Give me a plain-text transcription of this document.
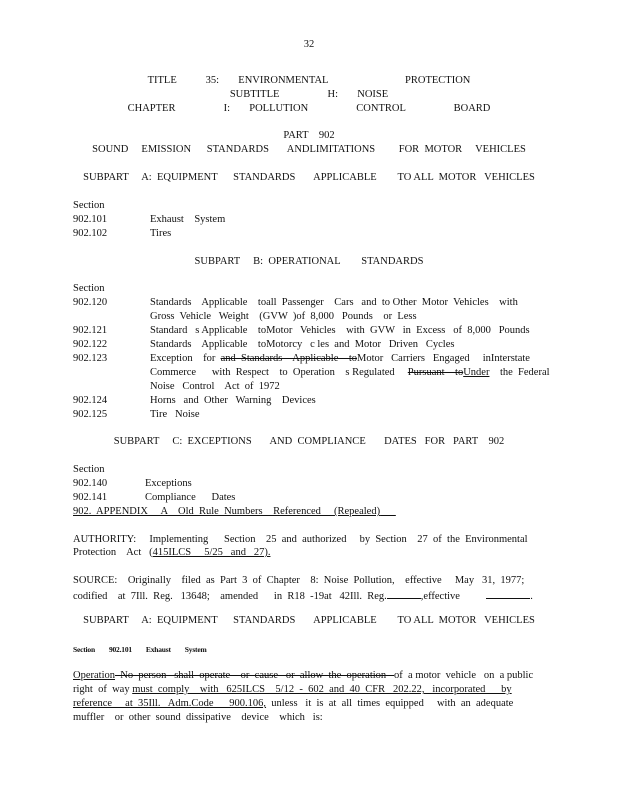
32
TITLE   35:  ENVIRONMENTAL        PROTECTION
SUBTITLE     H:  NOISE
CHAPTER     I:  POLLUTION     CONTROL     BOARD
PART    902
SOUND     EMISSION      STANDARDS       ANDLIMITATIONS         FOR  MOTOR     VEHICLES
SUBPART     A:  EQUIPMENT      STANDARDS       APPLICABLE        TO ALL  MOTOR   VEHICLES
Section
902.101	Exhaust    System
902.102	Tires
SUBPART     B:  OPERATIONAL        STANDARDS
Section
902.120	Standards    Applicable    toall  Passenger    Cars   and  to Other  Motor  Vehicles    with
Gross  Vehicle   Weight    (GVW  )of  8,000   Pounds    or  Less
902.121	Standard   s Applicable    toMotor   Vehicles    with  GVW   in  Excess   of  8,000   Pounds
902.122	Standards    Applicable    toMotorcy   c les  and  Motor   Driven   Cycles
902.123	Exception    for  and  Standards    Applicable    toMotor   Carriers   Engaged     inInterstate
Commerce      with  Respect    to  Operation    s Regulated     Pursuant    toUnder    the  Federal
Noise   Control    Act  of  1972
902.124	Horns   and  Other   Warning    Devices
902.125	Tire   Noise
SUBPART     C:  EXCEPTIONS       AND  COMPLIANCE       DATES   FOR   PART    902
Section
902.140	Exceptions
902.141	Compliance      Dates
902.  APPENDIX     A    Old  Rule  Numbers    Referenced     (Repealed)
AUTHORITY:     Implementing      Section    25  and  authorized     by  Section    27  of  the  Environmental
Protection    Act   (415ILCS     5/25   and   27).
SOURCE:    Originally    filed  as  Part  3  of  Chapter    8:  Noise  Pollution,    effective     May   31,  1977;
codified    at  7Ill.  Reg.   13648;    amended      in  R18  -19at   42Ill.  Reg.	,effective	.
SUBPART     A:  EQUIPMENT      STANDARDS       APPLICABLE        TO ALL  MOTOR   VEHICLES
Section 902.101 Exhaust System
Operation  No  person   shall  operate    or  cause   or  allow  the  operation   of  a motor  vehicle   on  a public
right  of  way must  comply    with   625ILCS    5/12  -  602  and  40  CFR   202.22,   incorporated      by
reference     at  35Ill.   Adm.Code      900.106,  unless   it  is  at  all  times  equipped     with  an  adequate
muffler    or  other  sound  dissipative    device    which   is:
